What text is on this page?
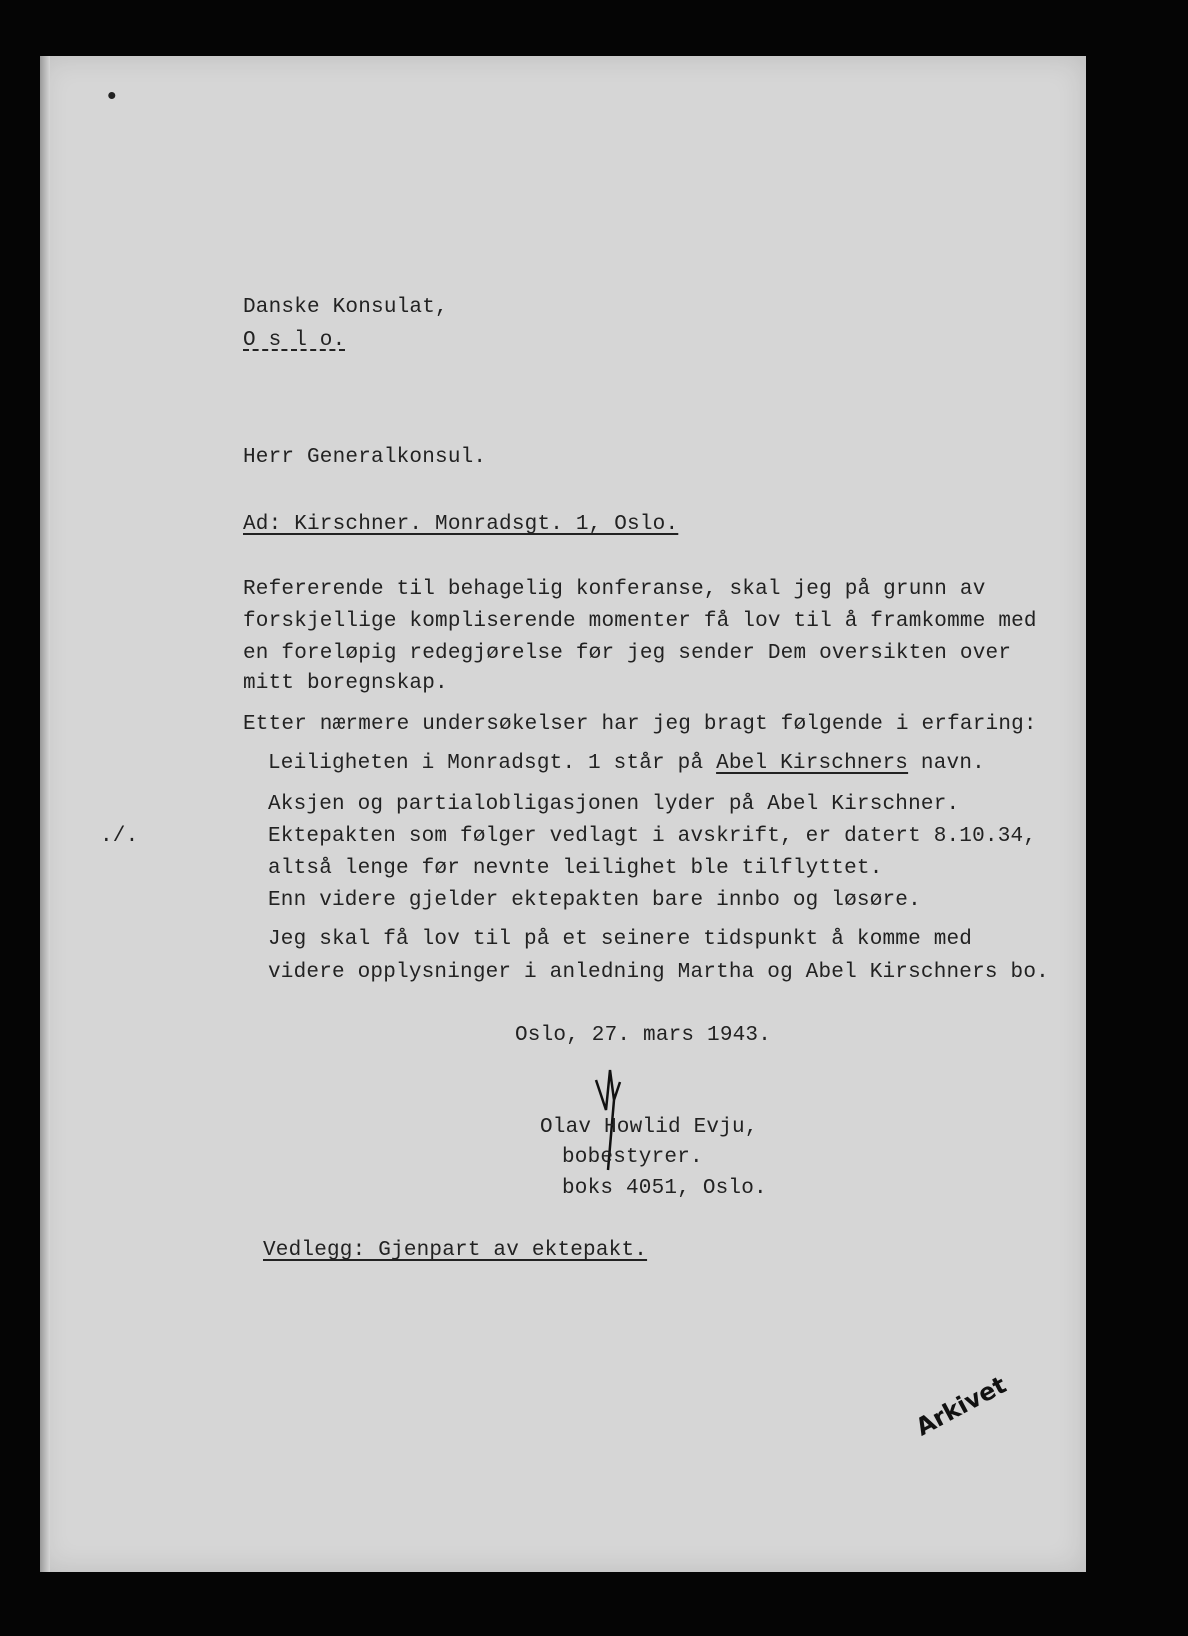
•
Danske Konsulat,
O s l o.
Herr Generalkonsul.
Ad: Kirschner. Monradsgt. 1, Oslo.
Refererende til behagelig konferanse, skal jeg på grunn av
forskjellige kompliserende momenter få lov til å framkomme med
en foreløpig redegjørelse før jeg sender Dem oversikten over
mitt boregnskap.
Etter nærmere undersøkelser har jeg bragt følgende i erfaring:
Leiligheten i Monradsgt. 1 står på Abel Kirschners navn.
Aksjen og partialobligasjonen lyder på Abel Kirschner.
Ektepakten som følger vedlagt i avskrift, er datert 8.10.34,
altså lenge før nevnte leilighet ble tilflyttet.
Enn videre gjelder ektepakten bare innbo og løsøre.
./.
Jeg skal få lov til på et seinere tidspunkt å komme med
videre opplysninger i anledning Martha og Abel Kirschners bo.
Oslo, 27. mars 1943.
Olav Howlid Evju,
bobestyrer.
boks 4051, Oslo.
Vedlegg: Gjenpart av ektepakt.
Arkivet
